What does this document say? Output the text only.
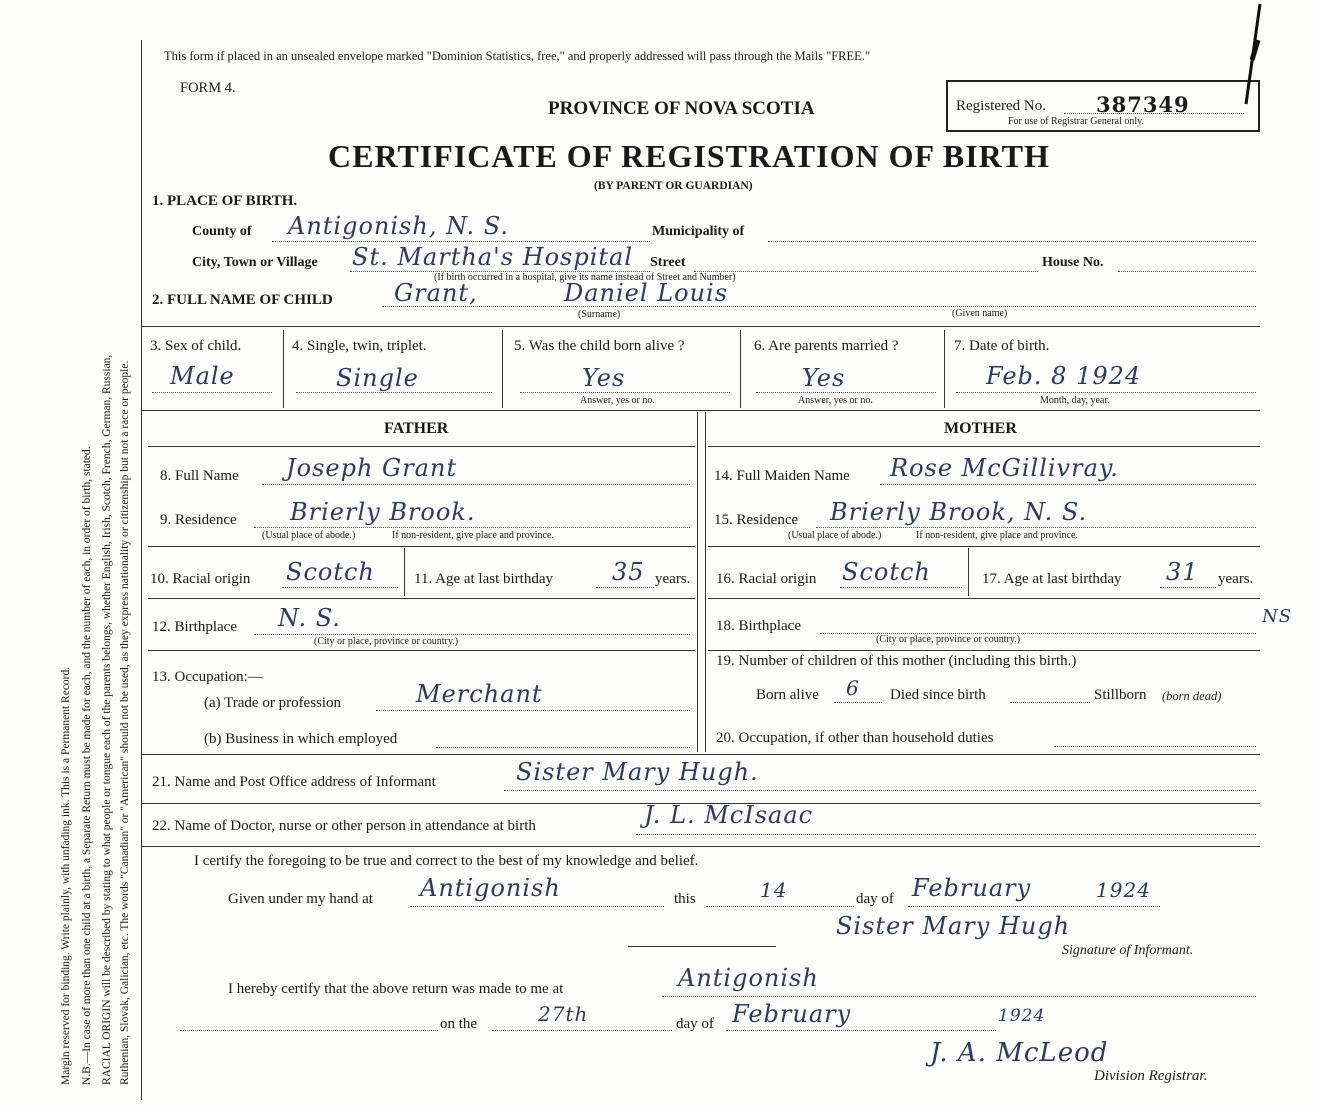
Margin reserved for binding. Write plainly, with unfading ink. This is a Permanent Record. N.B.—In case of more than one child at a birth, a Separate Return must be made for each, and the number of each, in order of birth, stated. RACIAL ORIGIN will be described by stating to what people or tongue each of the parents belongs, whether English, Irish, Scotch, French, German, Russian, Ruthenian, Slovak, Galician, etc. The words "Canadian" or "American" should not be used, as they express nationality or citizenship but not a race or people.
This form if placed in an unsealed envelope marked "Dominion Statistics, free," and properly addressed will pass through the Mails "FREE."
FORM 4.
PROVINCE OF NOVA SCOTIA	Registered No. 387349
For use of Registrar General only.
CERTIFICATE OF REGISTRATION OF BIRTH
(BY PARENT OR GUARDIAN)
1. PLACE OF BIRTH.
County of Antigonish, N. S.	Municipality of
City, Town or Village St. Martha's Hospital Street	House No.
(If birth occurred in a hospital, give its name instead of Street and Number)
2. FULL NAME OF CHILD	Grant,	Daniel Louis
(Surname)	(Given name)
3. Sex of child.
Male
4. Single, twin, triplet.
Single
5. Was the child born alive ?
Yes
Answer, yes or no.
6. Are parents married ?
Yes
Answer, yes or no.
7. Date of birth.
Feb. 8 1924
Month, day, year.
FATHER	MOTHER
8. Full Name Joseph Grant	14. Full Maiden Name Rose McGillivray.
9. Residence Brierly Brook.
(Usual place of abode.)	If non-resident, give place and province.
15. Residence Brierly Brook, N. S.
(Usual place of abode.)	If non-resident, give place and province.
10. Racial origin Scotch	11. Age at last birthday 35 years. 16. Racial origin Scotch	17. Age at last birthday 31 years.
12. Birthplace N. S.
(City or place, province or country.)
18. Birthplace	NS
(City or place, province or country.)
13. Occupation:—
(a) Trade or profession	Merchant
(b) Business in which employed
19. Number of children of this mother (including this birth.)
Born alive 6 Died since birth	Stillborn (born dead)
20. Occupation, if other than household duties
21. Name and Post Office address of Informant	Sister Mary Hugh.
22. Name of Doctor, nurse or other person in attendance at birth	J. L. McIsaac
I certify the foregoing to be true and correct to the best of my knowledge and belief.
Given under my hand at Antigonish	this	14	day of February	1924
Sister Mary Hugh
Signature of Informant.
I hereby certify that the above return was made to me at	Antigonish
on the	27th	day of February	1924
J. A. McLeod
Division Registrar.
